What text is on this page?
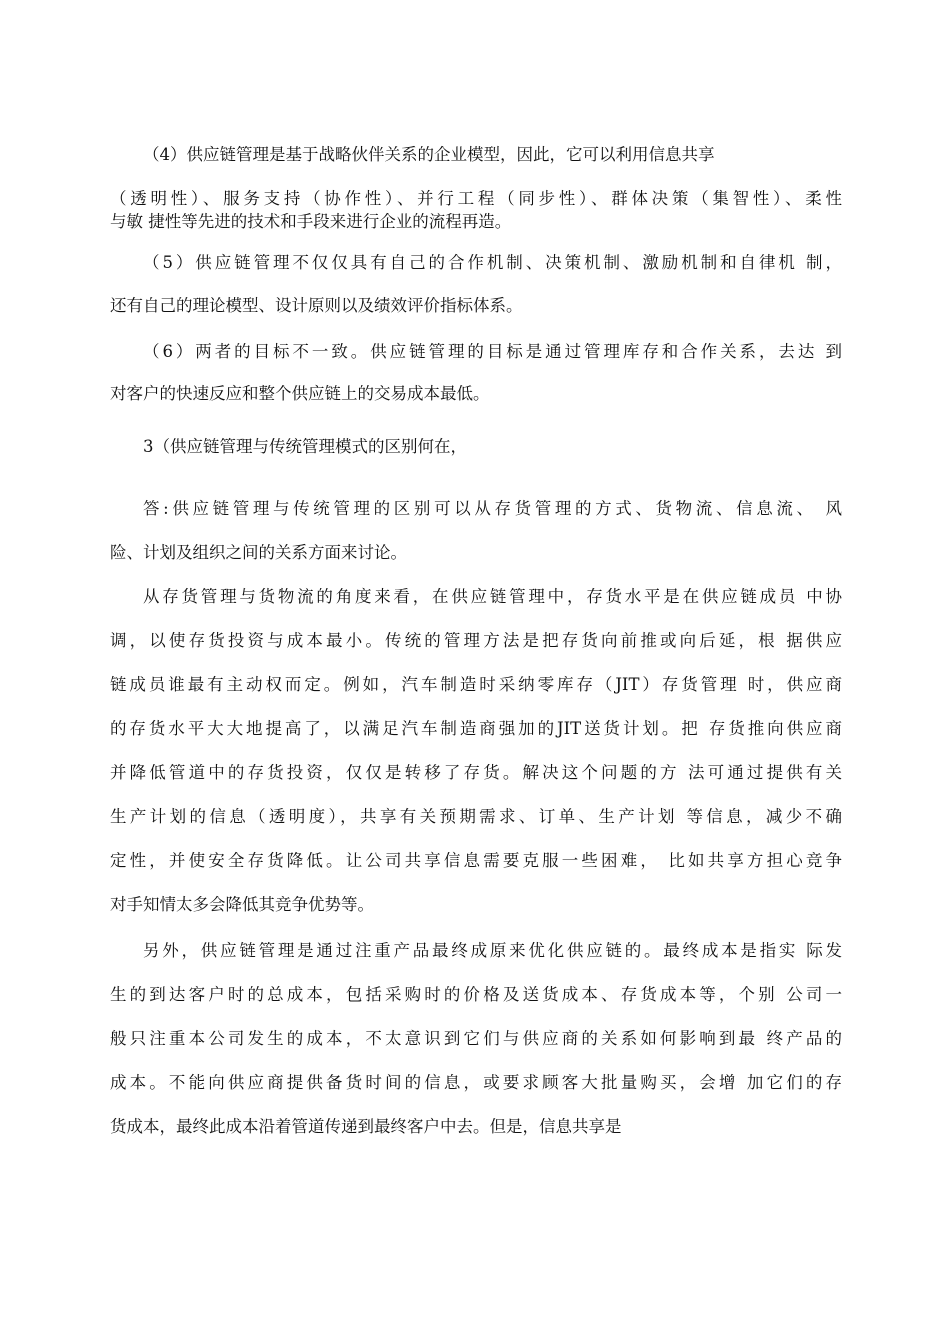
（4）供应链管理是基于战略伙伴关系的企业模型，因此，它可以利用信息共享
（透明性）、服务支持（协作性）、并行工程（同步性）、群体决策（集智性）、柔性
与敏 捷性等先进的技术和手段来进行企业的流程再造。
（5）供应链管理不仅仅具有自己的合作机制、决策机制、激励机制和自律机 制，
还有自己的理论模型、设计原则以及绩效评价指标体系。
（6）两者的目标不一致。供应链管理的目标是通过管理库存和合作关系，去达 到
对客户的快速反应和整个供应链上的交易成本最低。
3（供应链管理与传统管理模式的区别何在，
答:供应链管理与传统管理的区别可以从存货管理的方式、货物流、信息流、 风
险、计划及组织之间的关系方面来讨论。
从存货管理与货物流的角度来看，在供应链管理中，存货水平是在供应链成员 中协
调，以使存货投资与成本最小。传统的管理方法是把存货向前推或向后延，根 据供应
链成员谁最有主动权而定。例如，汽车制造时采纳零库存（JIT）存货管理 时，供应商
的存货水平大大地提高了，以满足汽车制造商强加的JIT送货计划。把 存货推向供应商
并降低管道中的存货投资，仅仅是转移了存货。解决这个问题的方 法可通过提供有关
生产计划的信息（透明度），共享有关预期需求、订单、生产计划 等信息，减少不确
定性，并使安全存货降低。让公司共享信息需要克服一些困难， 比如共享方担心竞争
对手知情太多会降低其竞争优势等。
另外，供应链管理是通过注重产品最终成原来优化供应链的。最终成本是指实 际发
生的到达客户时的总成本，包括采购时的价格及送货成本、存货成本等，个别 公司一
般只注重本公司发生的成本，不太意识到它们与供应商的关系如何影响到最 终产品的
成本。不能向供应商提供备货时间的信息，或要求顾客大批量购买，会增 加它们的存
货成本，最终此成本沿着管道传递到最终客户中去。但是，信息共享是
